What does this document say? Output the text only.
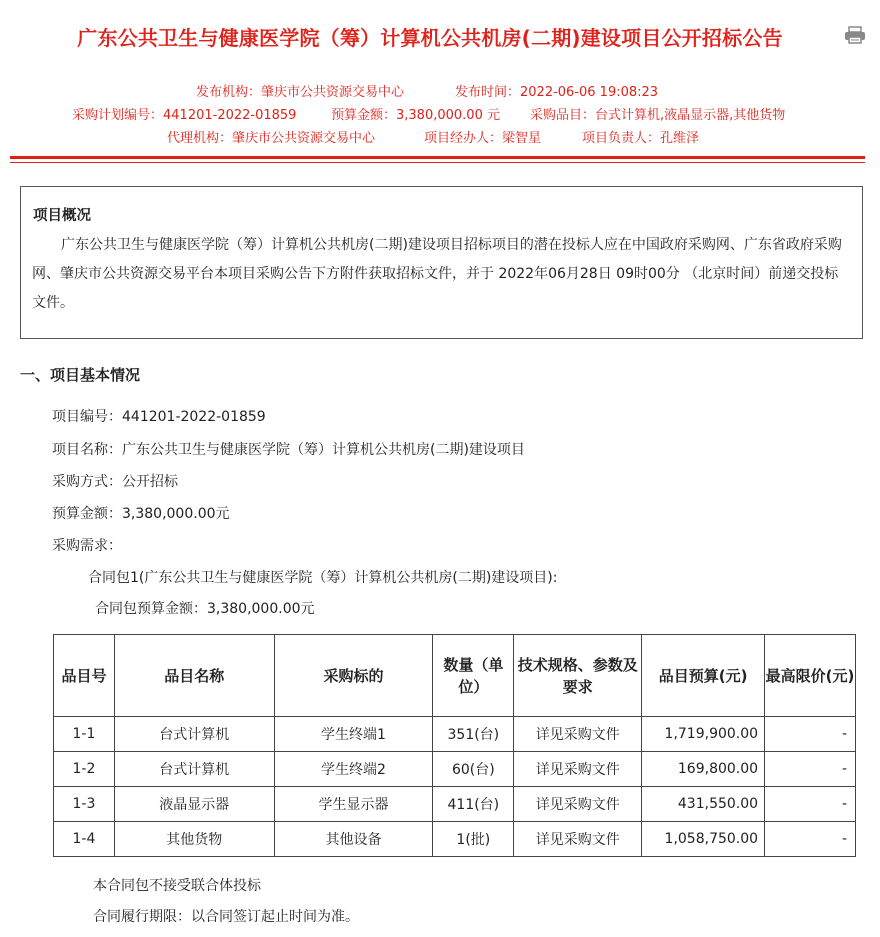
广东公共卫生与健康医学院（筹）计算机公共机房(二期)建设项目公开招标公告
发布机构：肇庆市公共资源交易中心	发布时间：2022-06-06 19:08:23
采购计划编号：441201-2022-01859	预算金额：3,380,000.00 元 采购品目：台式计算机,液晶显示器,其他货物
代理机构：肇庆市公共资源交易中心	项目经办人：梁智星	项目负责人：孔维泽
项目概况
广东公共卫生与健康医学院（筹）计算机公共机房(二期)建设项目招标项目的潜在投标人应在中国政府采购网、广东省政府采购网、肇庆市公共资源交易平台本项目采购公告下方附件获取招标文件，并于 2022年06月28日 09时00分 （北京时间）前递交投标文件。
一、项目基本情况
项目编号：441201-2022-01859
项目名称：广东公共卫生与健康医学院（筹）计算机公共机房(二期)建设项目
采购方式：公开招标
预算金额：3,380,000.00元
采购需求：
合同包1(广东公共卫生与健康医学院（筹）计算机公共机房(二期)建设项目):
合同包预算金额：3,380,000.00元
品目号	品目名称	采购标的	数量（单位）	技术规格、参数及要求	品目预算(元)	最高限价(元)
1-1	台式计算机	学生终端1	351(台)	详见采购文件	1,719,900.00	-
1-2	台式计算机	学生终端2	60(台)	详见采购文件	169,800.00	-
1-3	液晶显示器	学生显示器	411(台)	详见采购文件	431,550.00	-
1-4	其他货物	其他设备	1(批)	详见采购文件	1,058,750.00	-
本合同包不接受联合体投标
合同履行期限：以合同签订起止时间为准。
